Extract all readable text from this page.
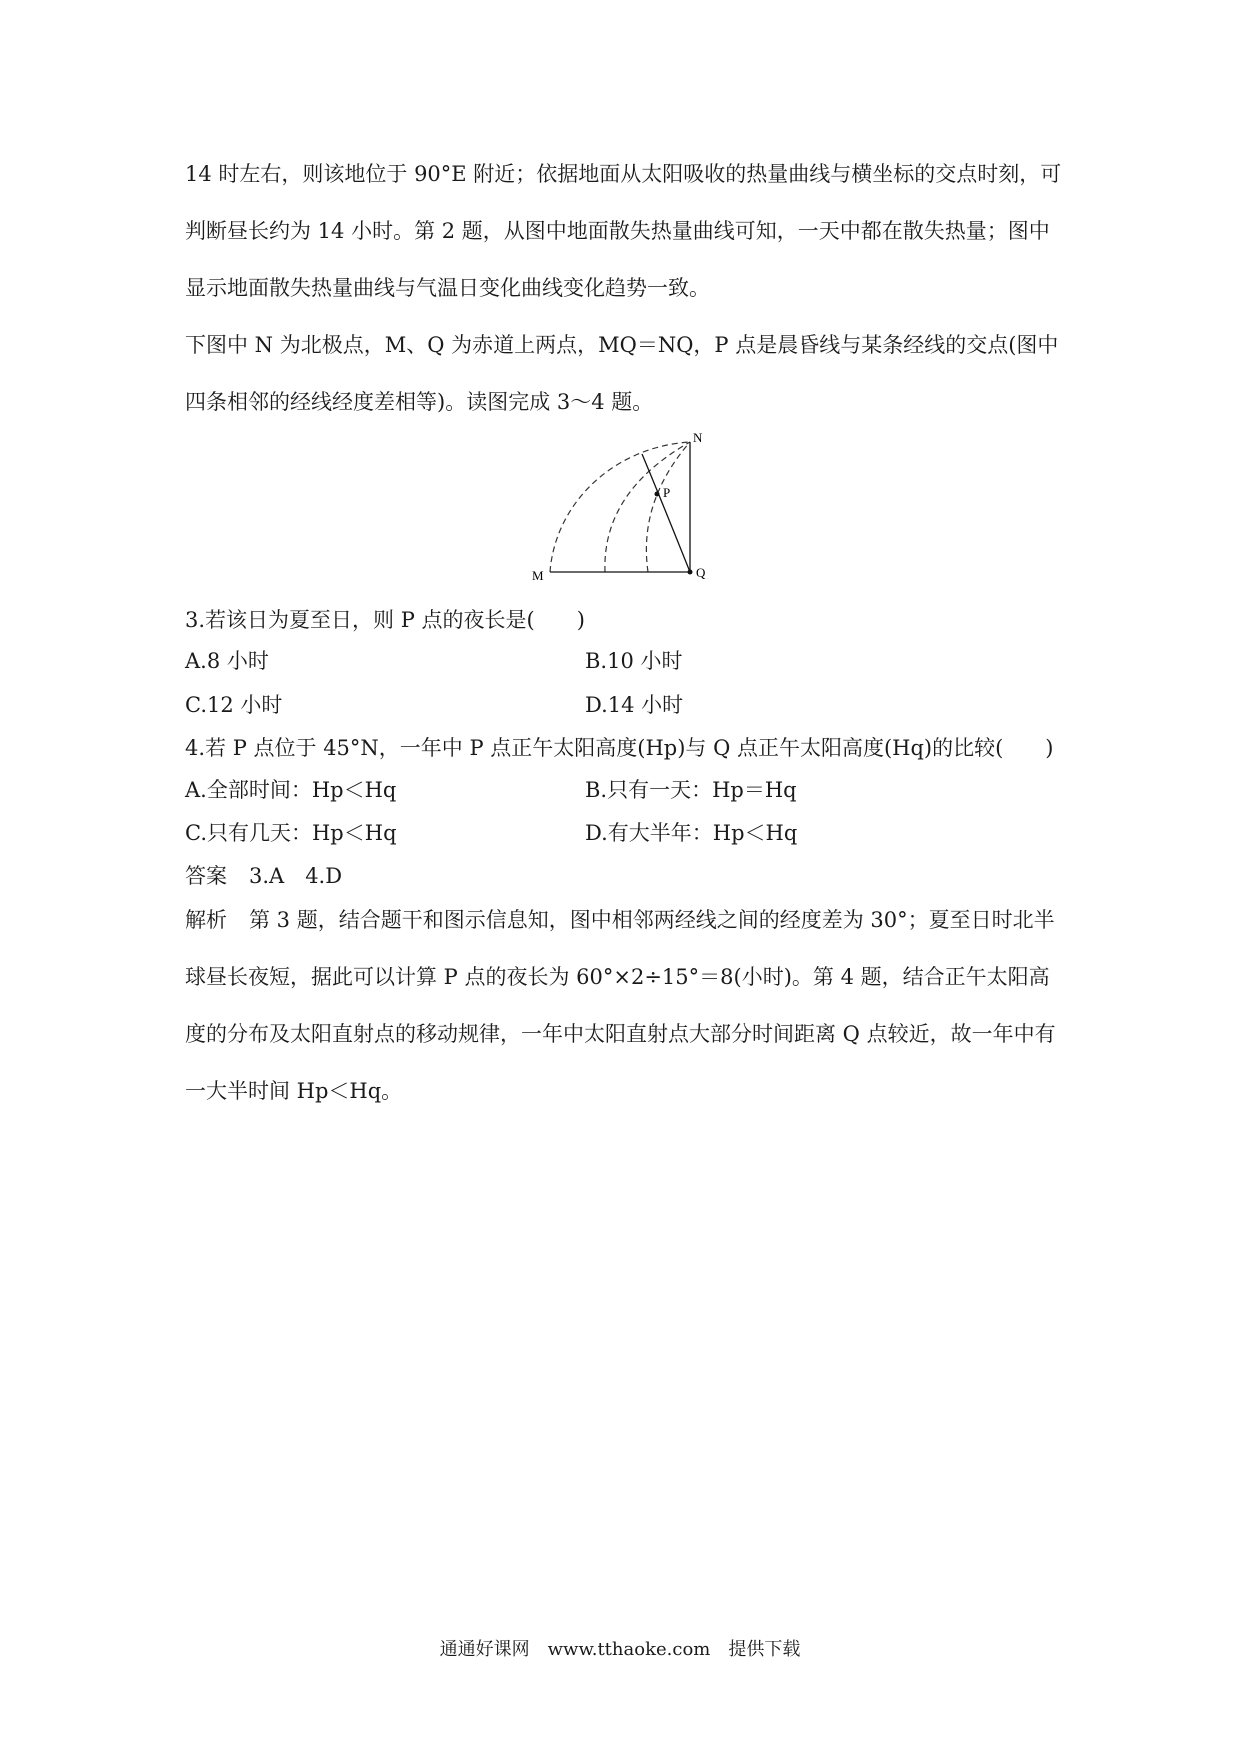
14 时左右，则该地位于 90°E 附近；依据地面从太阳吸收的热量曲线与横坐标的交点时刻，可判断昼长约为 14 小时。第 2 题，从图中地面散失热量曲线可知，一天中都在散失热量；图中显示地面散失热量曲线与气温日变化曲线变化趋势一致。
下图中 N 为北极点，M、Q 为赤道上两点，MQ＝NQ，P 点是晨昏线与某条经线的交点(图中四条相邻的经线经度差相等)。读图完成 3～4 题。
N
P
M	Q
3.若该日为夏至日，则 P 点的夜长是(　　)
A.8 小时	B.10 小时
C.12 小时	D.14 小时
4.若 P 点位于 45°N，一年中 P 点正午太阳高度(Hp)与 Q 点正午太阳高度(Hq)的比较(　　)
A.全部时间：Hp＜Hq	B.只有一天：Hp＝Hq
C.只有几天：Hp＜Hq	D.有大半年：Hp＜Hq
答案 3.A　4.D
解析 第 3 题，结合题干和图示信息知，图中相邻两经线之间的经度差为 30°；夏至日时北半球昼长夜短，据此可以计算 P 点的夜长为 60°×2÷15°＝8(小时)。第 4 题，结合正午太阳高度的分布及太阳直射点的移动规律，一年中太阳直射点大部分时间距离 Q 点较近，故一年中有一大半时间 Hp＜Hq。
通通好课网　www.tthaoke.com　提供下载
